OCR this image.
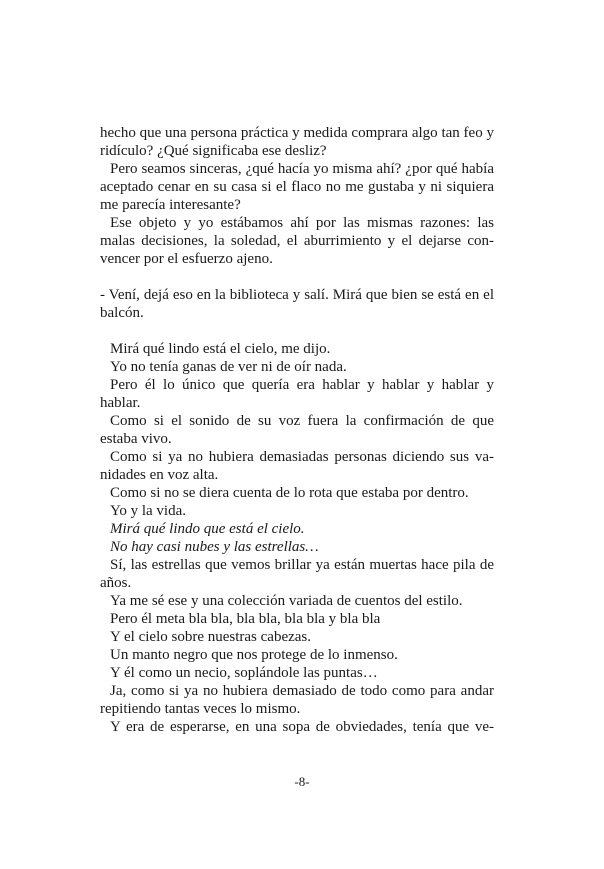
hecho que una persona práctica y medida comprara algo tan feo y ridículo? ¿Qué significaba ese desliz?

Pero seamos sinceras, ¿qué hacía yo misma ahí? ¿por qué había aceptado cenar en su casa si el flaco no me gustaba y ni siquiera me parecía interesante?

Ese objeto y yo estábamos ahí por las mismas razones: las malas decisiones, la soledad, el aburrimiento y el dejarse convencer por el esfuerzo ajeno.

- Vení, dejá eso en la biblioteca y salí. Mirá que bien se está en el balcón.

Mirá qué lindo está el cielo, me dijo.

Yo no tenía ganas de ver ni de oír nada.

Pero él lo único que quería era hablar y hablar y hablar y hablar.

Como si el sonido de su voz fuera la confirmación de que estaba vivo.

Como si ya no hubiera demasiadas personas diciendo sus vanidades en voz alta.

Como si no se diera cuenta de lo rota que estaba por dentro.

Yo y la vida.

Mirá qué lindo que está el cielo.

No hay casi nubes y las estrellas…

Sí, las estrellas que vemos brillar ya están muertas hace pila de años.

Ya me sé ese y una colección variada de cuentos del estilo.

Pero él meta bla bla, bla bla, bla bla y bla bla

Y el cielo sobre nuestras cabezas.

Un manto negro que nos protege de lo inmenso.

Y él como un necio, soplándole las puntas…

Ja, como si ya no hubiera demasiado de todo como para andar repitiendo tantas veces lo mismo.

Y era de esperarse, en una sopa de obviedades, tenía que ve-

-8-
